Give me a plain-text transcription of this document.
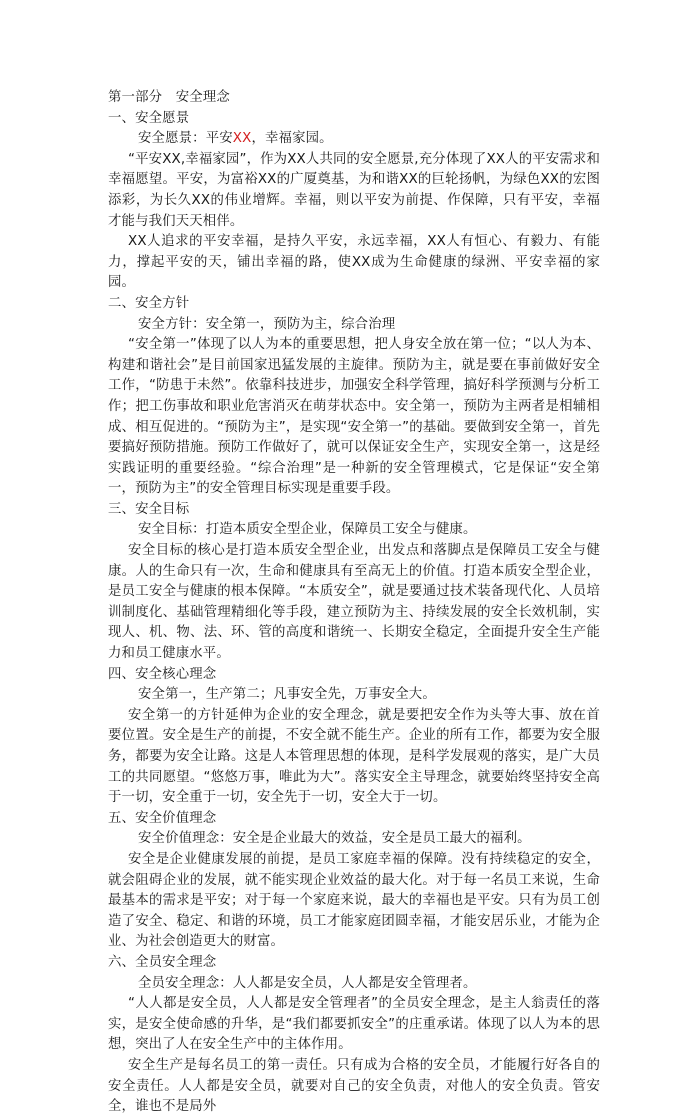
第一部分　安全理念
一、安全愿景
安全愿景：平安XX，幸福家园。
“平安XX,幸福家园”，作为XX人共同的安全愿景,充分体现了XX人的平安需求和幸福愿望。平安，为富裕XX的广厦奠基，为和谐XX的巨轮扬帆，为绿色XX的宏图添彩，为长久XX的伟业增辉。幸福，则以平安为前提、作保障，只有平安，幸福才能与我们天天相伴。
XX人追求的平安幸福，是持久平安，永远幸福，XX人有恒心、有毅力、有能力，撑起平安的天，铺出幸福的路，使XX成为生命健康的绿洲、平安幸福的家园。
二、安全方针
安全方针：安全第一，预防为主，综合治理
“安全第一”体现了以人为本的重要思想，把人身安全放在第一位；“以人为本、构建和谐社会”是目前国家迅猛发展的主旋律。预防为主，就是要在事前做好安全工作，“防患于未然”。依靠科技进步，加强安全科学管理，搞好科学预测与分析工作；把工伤事故和职业危害消灭在萌芽状态中。安全第一，预防为主两者是相辅相成、相互促进的。“预防为主”，是实现“安全第一”的基础。要做到安全第一，首先要搞好预防措施。预防工作做好了，就可以保证安全生产，实现安全第一，这是经实践证明的重要经验。“综合治理”是一种新的安全管理模式，它是保证“安全第一，预防为主”的安全管理目标实现是重要手段。
三、安全目标
安全目标：打造本质安全型企业，保障员工安全与健康。
安全目标的核心是打造本质安全型企业，出发点和落脚点是保障员工安全与健康。人的生命只有一次，生命和健康具有至高无上的价值。打造本质安全型企业，是员工安全与健康的根本保障。“本质安全”，就是要通过技术装备现代化、人员培训制度化、基础管理精细化等手段，建立预防为主、持续发展的安全长效机制，实现人、机、物、法、环、管的高度和谐统一、长期安全稳定，全面提升安全生产能力和员工健康水平。
四、安全核心理念
安全第一，生产第二；凡事安全先，万事安全大。
安全第一的方针延伸为企业的安全理念，就是要把安全作为头等大事、放在首要位置。安全是生产的前提，不安全就不能生产。企业的所有工作，都要为安全服务，都要为安全让路。这是人本管理思想的体现，是科学发展观的落实，是广大员工的共同愿望。“悠悠万事，唯此为大”。落实安全主导理念，就要始终坚持安全高于一切，安全重于一切，安全先于一切，安全大于一切。
五、安全价值理念
安全价值理念：安全是企业最大的效益，安全是员工最大的福利。
安全是企业健康发展的前提，是员工家庭幸福的保障。没有持续稳定的安全，就会阻碍企业的发展，就不能实现企业效益的最大化。对于每一名员工来说，生命最基本的需求是平安；对于每一个家庭来说，最大的幸福也是平安。只有为员工创造了安全、稳定、和谐的环境，员工才能家庭团圆幸福，才能安居乐业，才能为企业、为社会创造更大的财富。
六、全员安全理念
全员安全理念：人人都是安全员，人人都是安全管理者。
“人人都是安全员，人人都是安全管理者”的全员安全理念，是主人翁责任的落实，是安全使命感的升华，是“我们都要抓安全”的庄重承诺。体现了以人为本的思想，突出了人在安全生产中的主体作用。
安全生产是每名员工的第一责任。只有成为合格的安全员，才能履行好各自的安全责任。人人都是安全员，就要对自己的安全负责，对他人的安全负责。管安全，谁也不是局外
